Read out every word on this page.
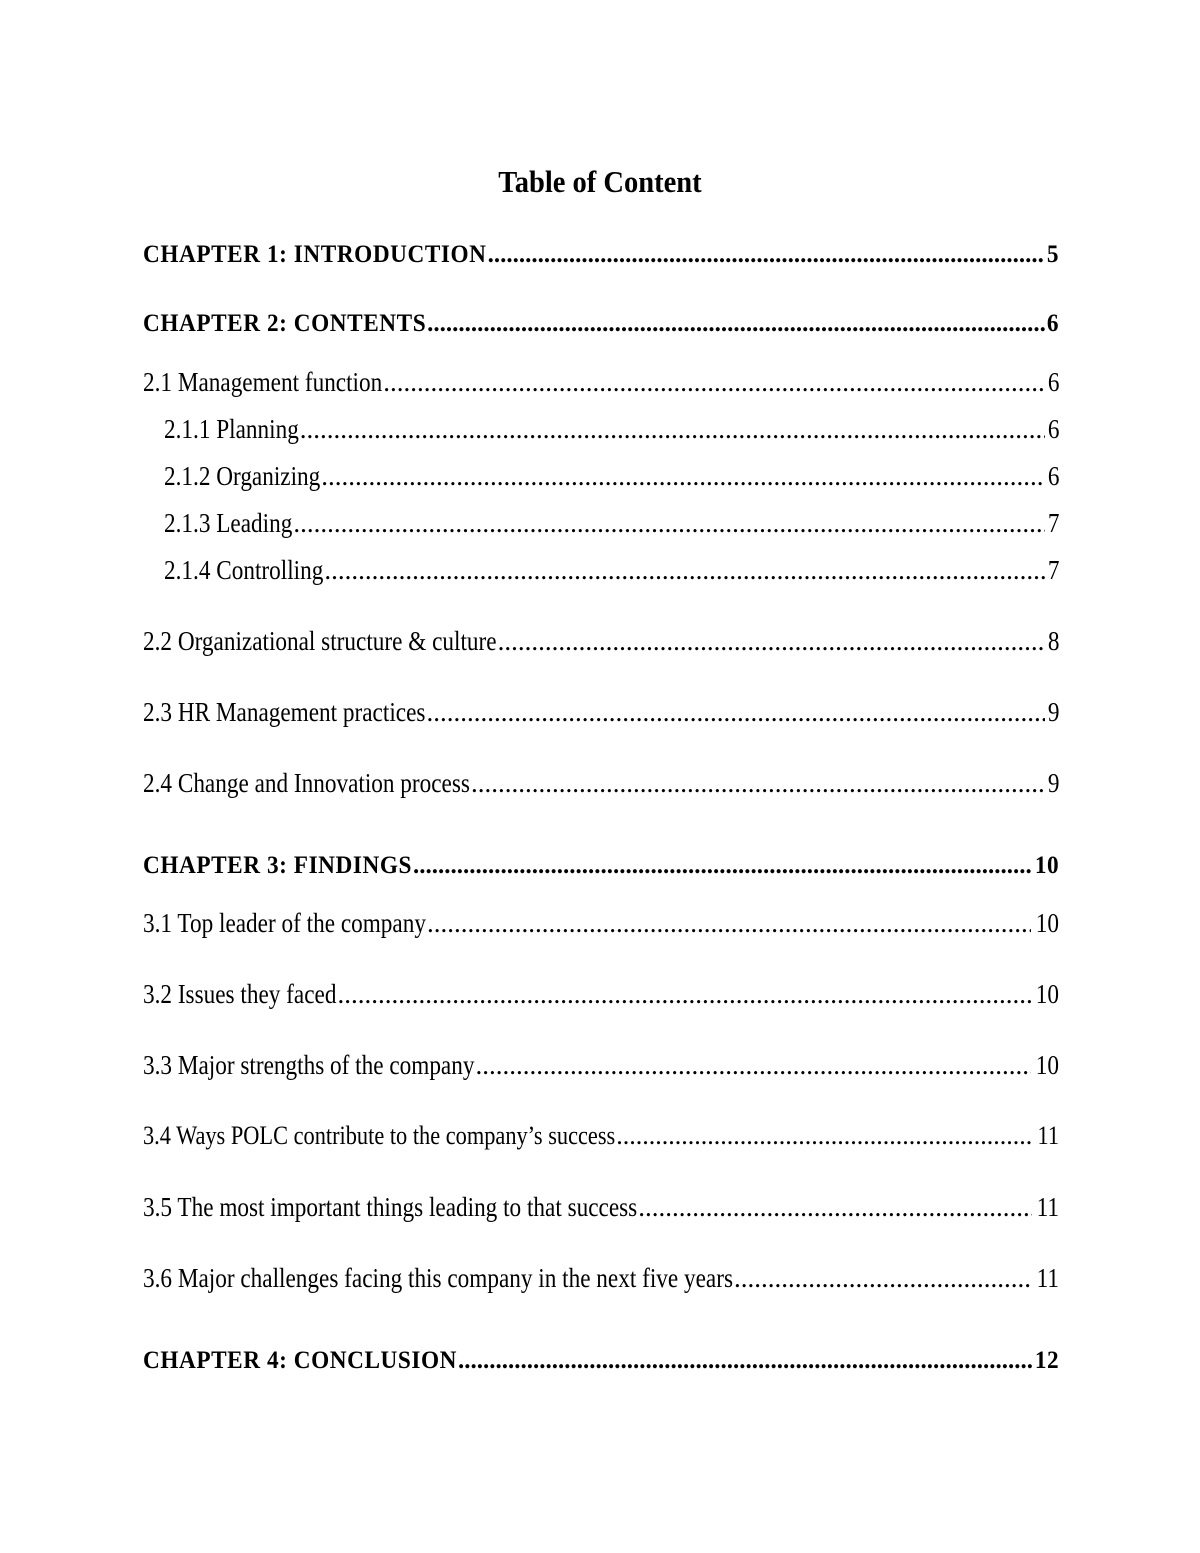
Table of Content
CHAPTER 1: INTRODUCTION .....	5
CHAPTER 2: CONTENTS .....	6
2.1 Management function .....	6
2.1.1 Planning .....	6
2.1.2 Organizing .....	6
2.1.3 Leading .....	7
2.1.4 Controlling .....	7
2.2 Organizational structure & culture .....	8
2.3 HR Management practices .....	9
2.4 Change and Innovation process .....	9
CHAPTER 3: FINDINGS .....	10
3.1 Top leader of the company .....	10
3.2 Issues they faced .....	10
3.3 Major strengths of the company .....	10
3.4 Ways POLC contribute to the company’s success .....	11
3.5 The most important things leading to that success .....	11
3.6 Major challenges facing this company in the next five years .....	11
CHAPTER 4: CONCLUSION .....	12
